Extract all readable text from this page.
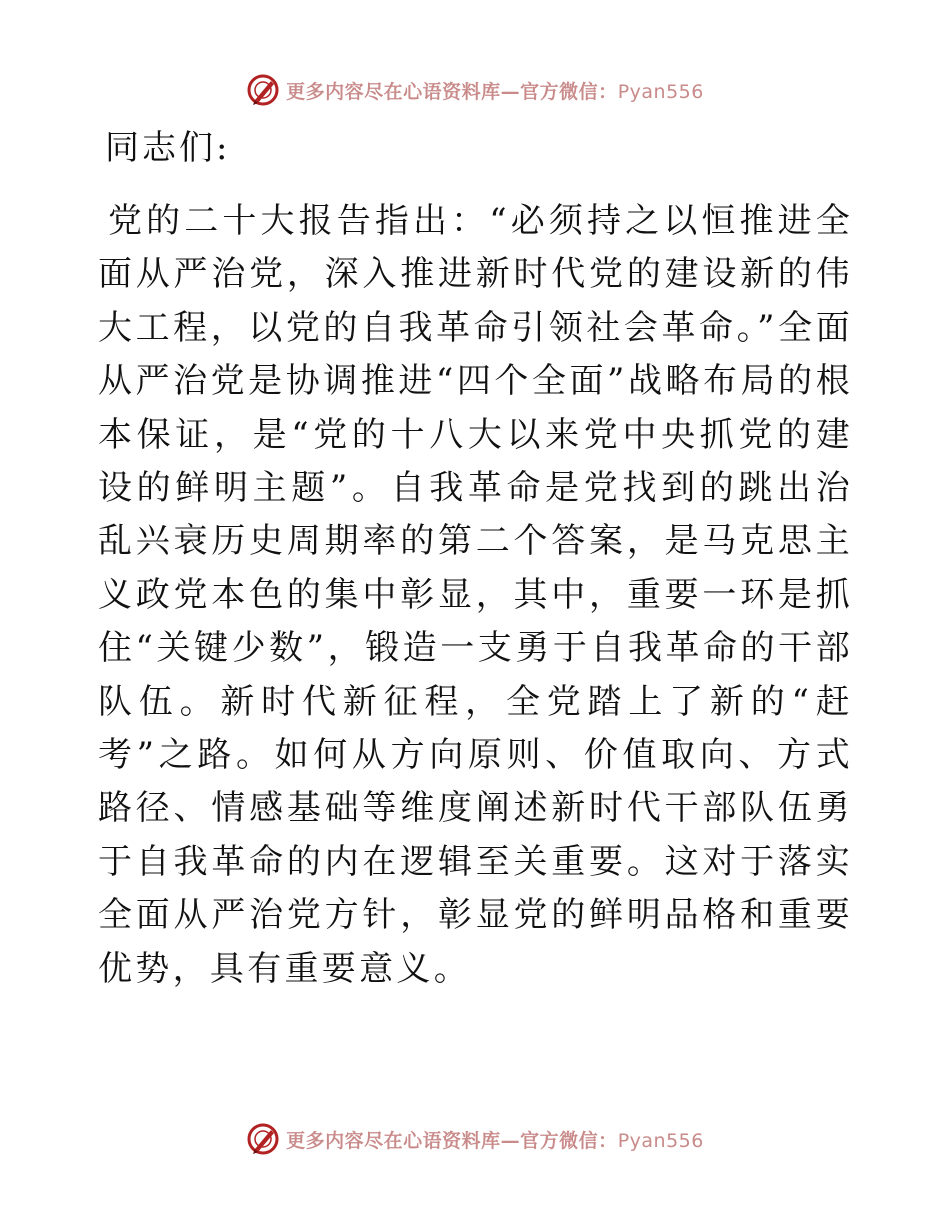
更多内容尽在心语资料库—官方微信：Pyan556
同志们:

党的二十大报告指出：“必须持之以恒推进全面从严治党，深入推进新时代党的建设新的伟大工程，以党的自我革命引领社会革命。”全面从严治党是协调推进“四个全面”战略布局的根本保证，是“党的十八大以来党中央抓党的建设的鲜明主题”。自我革命是党找到的跳出治乱兴衰历史周期率的第二个答案，是马克思主义政党本色的集中彰显，其中，重要一环是抓住“关键少数”，锻造一支勇于自我革命的干部队伍。新时代新征程，全党踏上了新的“赶考”之路。如何从方向原则、价值取向、方式路径、情感基础等维度阐述新时代干部队伍勇于自我革命的内在逻辑至关重要。这对于落实全面从严治党方针，彰显党的鲜明品格和重要优势，具有重要意义。

更多内容尽在心语资料库—官方微信：Pyan556
